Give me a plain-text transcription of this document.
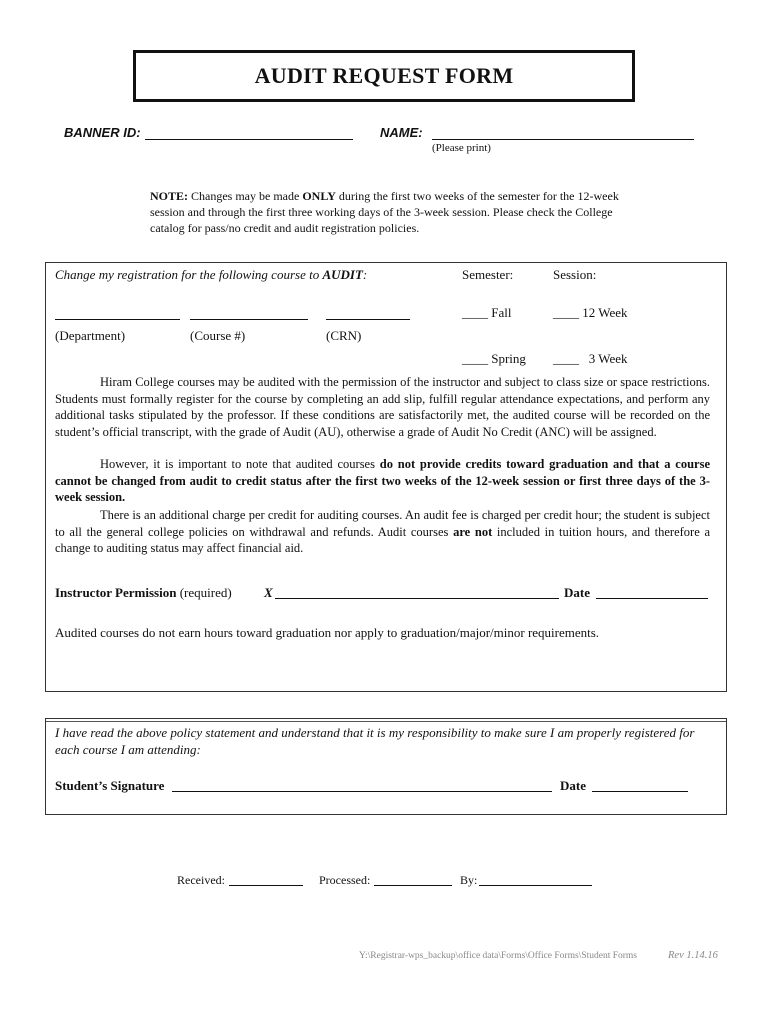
AUDIT REQUEST FORM
BANNER ID:	NAME:
(Please print)
NOTE: Changes may be made ONLY during the first two weeks of the semester for the 12-week session and through the first three working days of the 3-week session. Please check the College catalog for pass/no credit and audit registration policies.
Change my registration for the following course to AUDIT:	Semester:	Session:
____ Fall	____ 12 Week
(Department)	(Course #)	(CRN)
____ Spring ____ 3 Week
Hiram College courses may be audited with the permission of the instructor and subject to class size or space restrictions. Students must formally register for the course by completing an add slip, fulfill regular attendance expectations, and perform any additional tasks stipulated by the professor. If these conditions are satisfactorily met, the audited course will be recorded on the student’s official transcript, with the grade of Audit (AU), otherwise a grade of Audit No Credit (ANC) will be assigned.
However, it is important to note that audited courses do not provide credits toward graduation and that a course cannot be changed from audit to credit status after the first two weeks of the 12-week session or first three days of the 3-week session.
There is an additional charge per credit for auditing courses. An audit fee is charged per credit hour; the student is subject to all the general college policies on withdrawal and refunds. Audit courses are not included in tuition hours, and therefore a change to auditing status may affect financial aid.
Instructor Permission (required) X	Date
Audited courses do not earn hours toward graduation nor apply to graduation/major/minor requirements.
I have read the above policy statement and understand that it is my responsibility to make sure I am properly registered for each course I am attending:
Student’s Signature	Date
Received:	Processed:	By:
Y:\Registrar-wps_backup\office data\Forms\Office Forms\Student Forms	Rev 1.14.16
